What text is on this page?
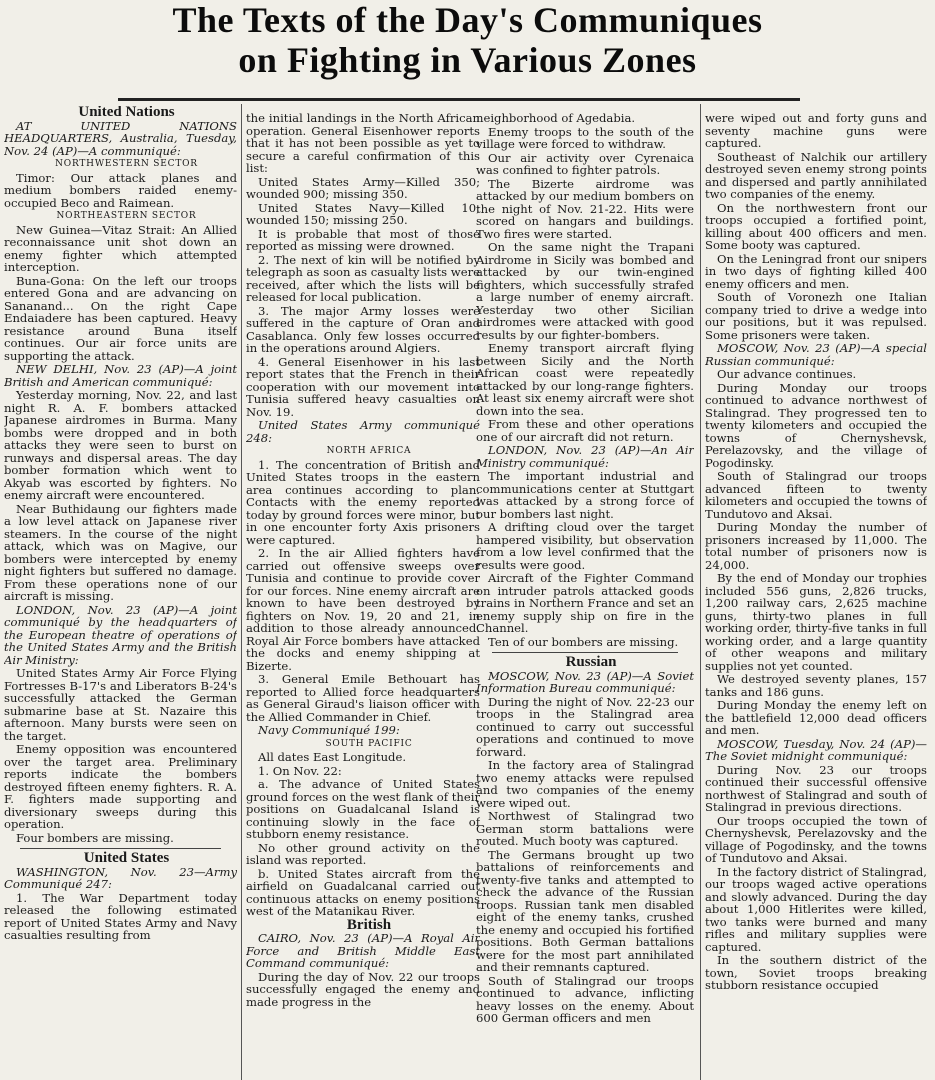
The Texts of the Day's Communiques
on Fighting in Various Zones

United Nations

AT UNITED NATIONS HEADQUARTERS, Australia, Tuesday, Nov. 24 (AP)—A communiqué:

NORTHWESTERN SECTOR

Timor: Our attack planes and medium bombers raided enemy-occupied Beco and Raimean.

NORTHEASTERN SECTOR

New Guinea—Vitaz Strait: An Allied reconnaissance unit shot down an enemy fighter which attempted interception.

Buna-Gona: On the left our troops entered Gona and are advancing on Sananand... On the right Cape Endaiadere has been captured. Heavy resistance around Buna itself continues. Our air force units are supporting the attack.

NEW DELHI, Nov. 23 (AP)—A joint British and American communiqué:

Yesterday morning, Nov. 22, and last night R. A. F. bombers attacked Japanese airdromes in Burma. Many bombs were dropped and in both attacks they were seen to burst on runways and dispersal areas. The day bomber formation which went to Akyab was escorted by fighters. No enemy aircraft were encountered.

Near Buthidaung our fighters made a low level attack on Japanese river steamers. In the course of the night attack, which was on Magive, our bombers were intercepted by enemy night fighters but suffered no damage. From these operations none of our aircraft is missing.

LONDON, Nov. 23 (AP)—A joint communiqué by the headquarters of the European theatre of operations of the United States Army and the British Air Ministry:

United States Army Air Force Flying Fortresses B-17's and Liberators B-24's successfully attacked the German submarine base at St. Nazaire this afternoon. Many bursts were seen on the target.

Enemy opposition was encountered over the target area. Preliminary reports indicate the bombers destroyed fifteen enemy fighters. R. A. F. fighters made supporting and diversionary sweeps during this operation.

Four bombers are missing.

United States

WASHINGTON, Nov. 23—Army Communiqué 247:

1. The War Department today released the following estimated report of United States Army and Navy casualties resulting from

the initial landings in the North African operation. General Eisenhower reports that it has not been possible as yet to secure a careful confirmation of this list:

United States Army—Killed 350; wounded 900; missing 350.

United States Navy—Killed 10; wounded 150; missing 250.

It is probable that most of those reported as missing were drowned.

2. The next of kin will be notified by telegraph as soon as casualty lists were received, after which the lists will be released for local publication.

3. The major Army losses were suffered in the capture of Oran and Casablanca. Only few losses occurred in the operations around Algiers.

4. General Eisenhower in his last report states that the French in their cooperation with our movement into Tunisia suffered heavy casualties on Nov. 19.

United States Army communiqué 248:

NORTH AFRICA

1. The concentration of British and United States troops in the eastern area continues according to plan. Contacts with the enemy reported today by ground forces were minor, but in one encounter forty Axis prisoners were captured.

2. In the air Allied fighters have carried out offensive sweeps over Tunisia and continue to provide cover for our forces. Nine enemy aircraft are known to have been destroyed by fighters on Nov. 19, 20 and 21, in addition to those already announced. Royal Air Force bombers have attacked the docks and enemy shipping at Bizerte.

3. General Emile Bethouart has reported to Allied force headquarters as General Giraud's liaison officer with the Allied Commander in Chief.

Navy Communiqué 199:

SOUTH PACIFIC

All dates East Longitude.

1. On Nov. 22:

a. The advance of United States ground forces on the west flank of their positions on Guadalcanal Island is continuing slowly in the face of stubborn enemy resistance.

No other ground activity on the island was reported.

b. United States aircraft from the airfield on Guadalcanal carried out continuous attacks on enemy positions west of the Matanikau River.

British

CAIRO, Nov. 23 (AP)—A Royal Air Force and British Middle East Command communiqué:

During the day of Nov. 22 our troops successfully engaged the enemy and made progress in the

neighborhood of Agedabia.

Enemy troops to the south of the village were forced to withdraw.

Our air activity over Cyrenaica was confined to fighter patrols.

The Bizerte airdrome was attacked by our medium bombers on the night of Nov. 21-22. Hits were scored on hangars and buildings. Two fires were started.

On the same night the Trapani Airdrome in Sicily was bombed and attacked by our twin-engined fighters, which successfully strafed a large number of enemy aircraft. Yesterday two other Sicilian airdromes were attacked with good results by our fighter-bombers.

Enemy transport aircraft flying between Sicily and the North African coast were repeatedly attacked by our long-range fighters. At least six enemy aircraft were shot down into the sea.

From these and other operations one of our aircraft did not return.

LONDON, Nov. 23 (AP)—An Air Ministry communiqué:

The important industrial and communications center at Stuttgart was attacked by a strong force of our bombers last night.

A drifting cloud over the target hampered visibility, but observation from a low level confirmed that the results were good.

Aircraft of the Fighter Command on intruder patrols attacked goods trains in Northern France and set an enemy supply ship on fire in the Channel.

Ten of our bombers are missing.

Russian

MOSCOW, Nov. 23 (AP)—A Soviet Information Bureau communiqué:

During the night of Nov. 22-23 our troops in the Stalingrad area continued to carry out successful operations and continued to move forward.

In the factory area of Stalingrad two enemy attacks were repulsed and two companies of the enemy were wiped out.

Northwest of Stalingrad two German storm battalions were routed. Much booty was captured.

The Germans brought up two battalions of reinforcements and twenty-five tanks and attempted to check the advance of the Russian troops. Russian tank men disabled eight of the enemy tanks, crushed the enemy and occupied his fortified positions. Both German battalions were for the most part annihilated and their remnants captured.

South of Stalingrad our troops continued to advance, inflicting heavy losses on the enemy. About 600 German officers and men

were wiped out and forty guns and seventy machine guns were captured.

Southeast of Nalchik our artillery destroyed seven enemy strong points and dispersed and partly annihilated two companies of the enemy.

On the northwestern front our troops occupied a fortified point, killing about 400 officers and men. Some booty was captured.

On the Leningrad front our snipers in two days of fighting killed 400 enemy officers and men.

South of Voronezh one Italian company tried to drive a wedge into our positions, but it was repulsed. Some prisoners were taken.

MOSCOW, Nov. 23 (AP)—A special Russian communiqué:

Our advance continues.

During Monday our troops continued to advance northwest of Stalingrad. They progressed ten to twenty kilometers and occupied the towns of Chernyshevsk, Perelazovsky, and the village of Pogodinsky.

South of Stalingrad our troops advanced fifteen to twenty kilometers and occupied the towns of Tundutovo and Aksai.

During Monday the number of prisoners increased by 11,000. The total number of prisoners now is 24,000.

By the end of Monday our trophies included 556 guns, 2,826 trucks, 1,200 railway cars, 2,625 machine guns, thirty-two planes in full working order, thirty-five tanks in full working order, and a large quantity of other weapons and military supplies not yet counted.

We destroyed seventy planes, 157 tanks and 186 guns.

During Monday the enemy left on the battlefield 12,000 dead officers and men.

MOSCOW, Tuesday, Nov. 24 (AP)—The Soviet midnight communiqué:

During Nov. 23 our troops continued their successful offensive northwest of Stalingrad and south of Stalingrad in previous directions.

Our troops occupied the town of Chernyshevsk, Perelazovsky and the village of Pogodinsky, and the towns of Tundutovo and Aksai.

In the factory district of Stalingrad, our troops waged active operations and slowly advanced. During the day about 1,000 Hitlerites were killed, two tanks were burned and many rifles and military supplies were captured.

In the southern district of the town, Soviet troops breaking stubborn resistance occupied
